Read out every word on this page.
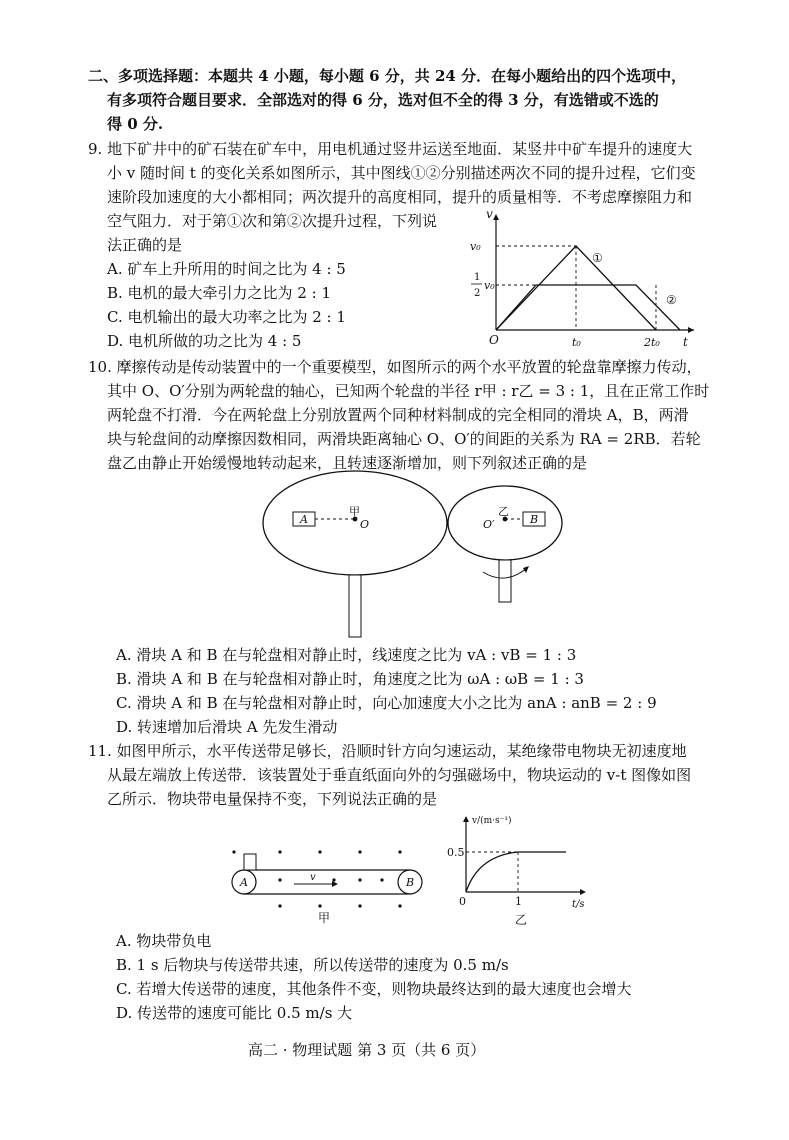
二、多项选择题：本题共 4 小题，每小题 6 分，共 24 分．在每小题给出的四个选项中，
有多项符合题目要求．全部选对的得 6 分，选对但不全的得 3 分，有选错或不选的
得 0 分.
9. 地下矿井中的矿石装在矿车中，用电机通过竖井运送至地面．某竖井中矿车提升的速度大
小 v 随时间 t 的变化关系如图所示，其中图线①②分别描述两次不同的提升过程，它们变
速阶段加速度的大小都相同；两次提升的高度相同，提升的质量相等．不考虑摩擦阻力和
空气阻力．对于第①次和第②次提升过程，下列说
法正确的是
A. 矿车上升所用的时间之比为 4 : 5
B. 电机的最大牵引力之比为 2 : 1
C. 电机输出的最大功率之比为 2 : 1
D. 电机所做的功之比为 4 : 5
v
t
v₀
1
2
v₀
O	t₀	2t₀
①
②
10. 摩擦传动是传动装置中的一个重要模型，如图所示的两个水平放置的轮盘靠摩擦力传动，
其中 O、O′分别为两轮盘的轴心，已知两个轮盘的半径 r甲 : r乙 = 3 : 1，且在正常工作时
两轮盘不打滑．今在两轮盘上分别放置两个同种材料制成的完全相同的滑块 A，B，两滑
块与轮盘间的动摩擦因数相同，两滑块距离轴心 O、O′的间距的关系为 RA = 2RB．若轮
盘乙由静止开始缓慢地转动起来，且转速逐渐增加，则下列叙述正确的是
A
甲
O	B
乙
O′
A. 滑块 A 和 B 在与轮盘相对静止时，线速度之比为 vA : vB = 1 : 3
B. 滑块 A 和 B 在与轮盘相对静止时，角速度之比为 ωA : ωB = 1 : 3
C. 滑块 A 和 B 在与轮盘相对静止时，向心加速度大小之比为 anA : anB = 2 : 9
D. 转速增加后滑块 A 先发生滑动
11. 如图甲所示，水平传送带足够长，沿顺时针方向匀速运动，某绝缘带电物块无初速度地
从最左端放上传送带．该装置处于垂直纸面向外的匀强磁场中，物块运动的 v-t 图像如图
乙所示．物块带电量保持不变，下列说法正确的是
A	B
v
甲
v/(m·s⁻¹)
t/s
0.5
0	1
乙
A. 物块带负电
B. 1 s 后物块与传送带共速，所以传送带的速度为 0.5 m/s
C. 若增大传送带的速度，其他条件不变，则物块最终达到的最大速度也会增大
D. 传送带的速度可能比 0.5 m/s 大
高二 · 物理试题 第 3 页（共 6 页）
